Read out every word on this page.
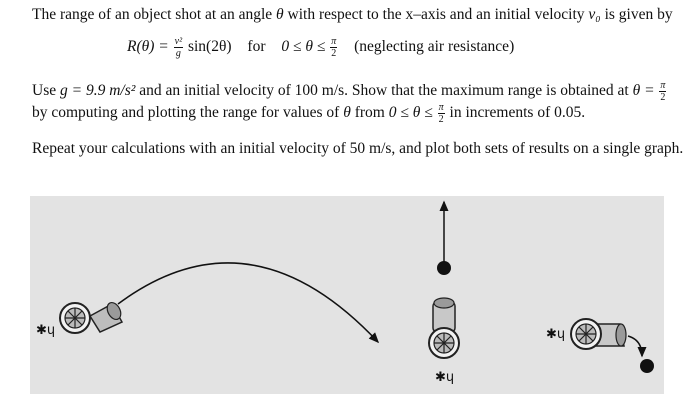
The range of an object shot at an angle θ with respect to the x–axis and an initial velocity v₀ is given by
$R(\theta) = \frac{\text{v²}}{g} \sin(2\theta)$ for $0 \le \theta \le \frac{\pi}{2}$ (neglecting air resistance)
Use g = 9.9 m/s² and an initial velocity of 100 m/s. Show that the maximum range is obtained at $\theta = \frac{\pi}{2}$
by computing and plotting the range for values of θ from $0 \le \theta \le \frac{\pi}{2}$ in increments of 0.05.
Repeat your calculations with an initial velocity of 50 m/s, and plot both sets of results on a single graph.
✱ɥ
✱ɥ
✱ɥ
